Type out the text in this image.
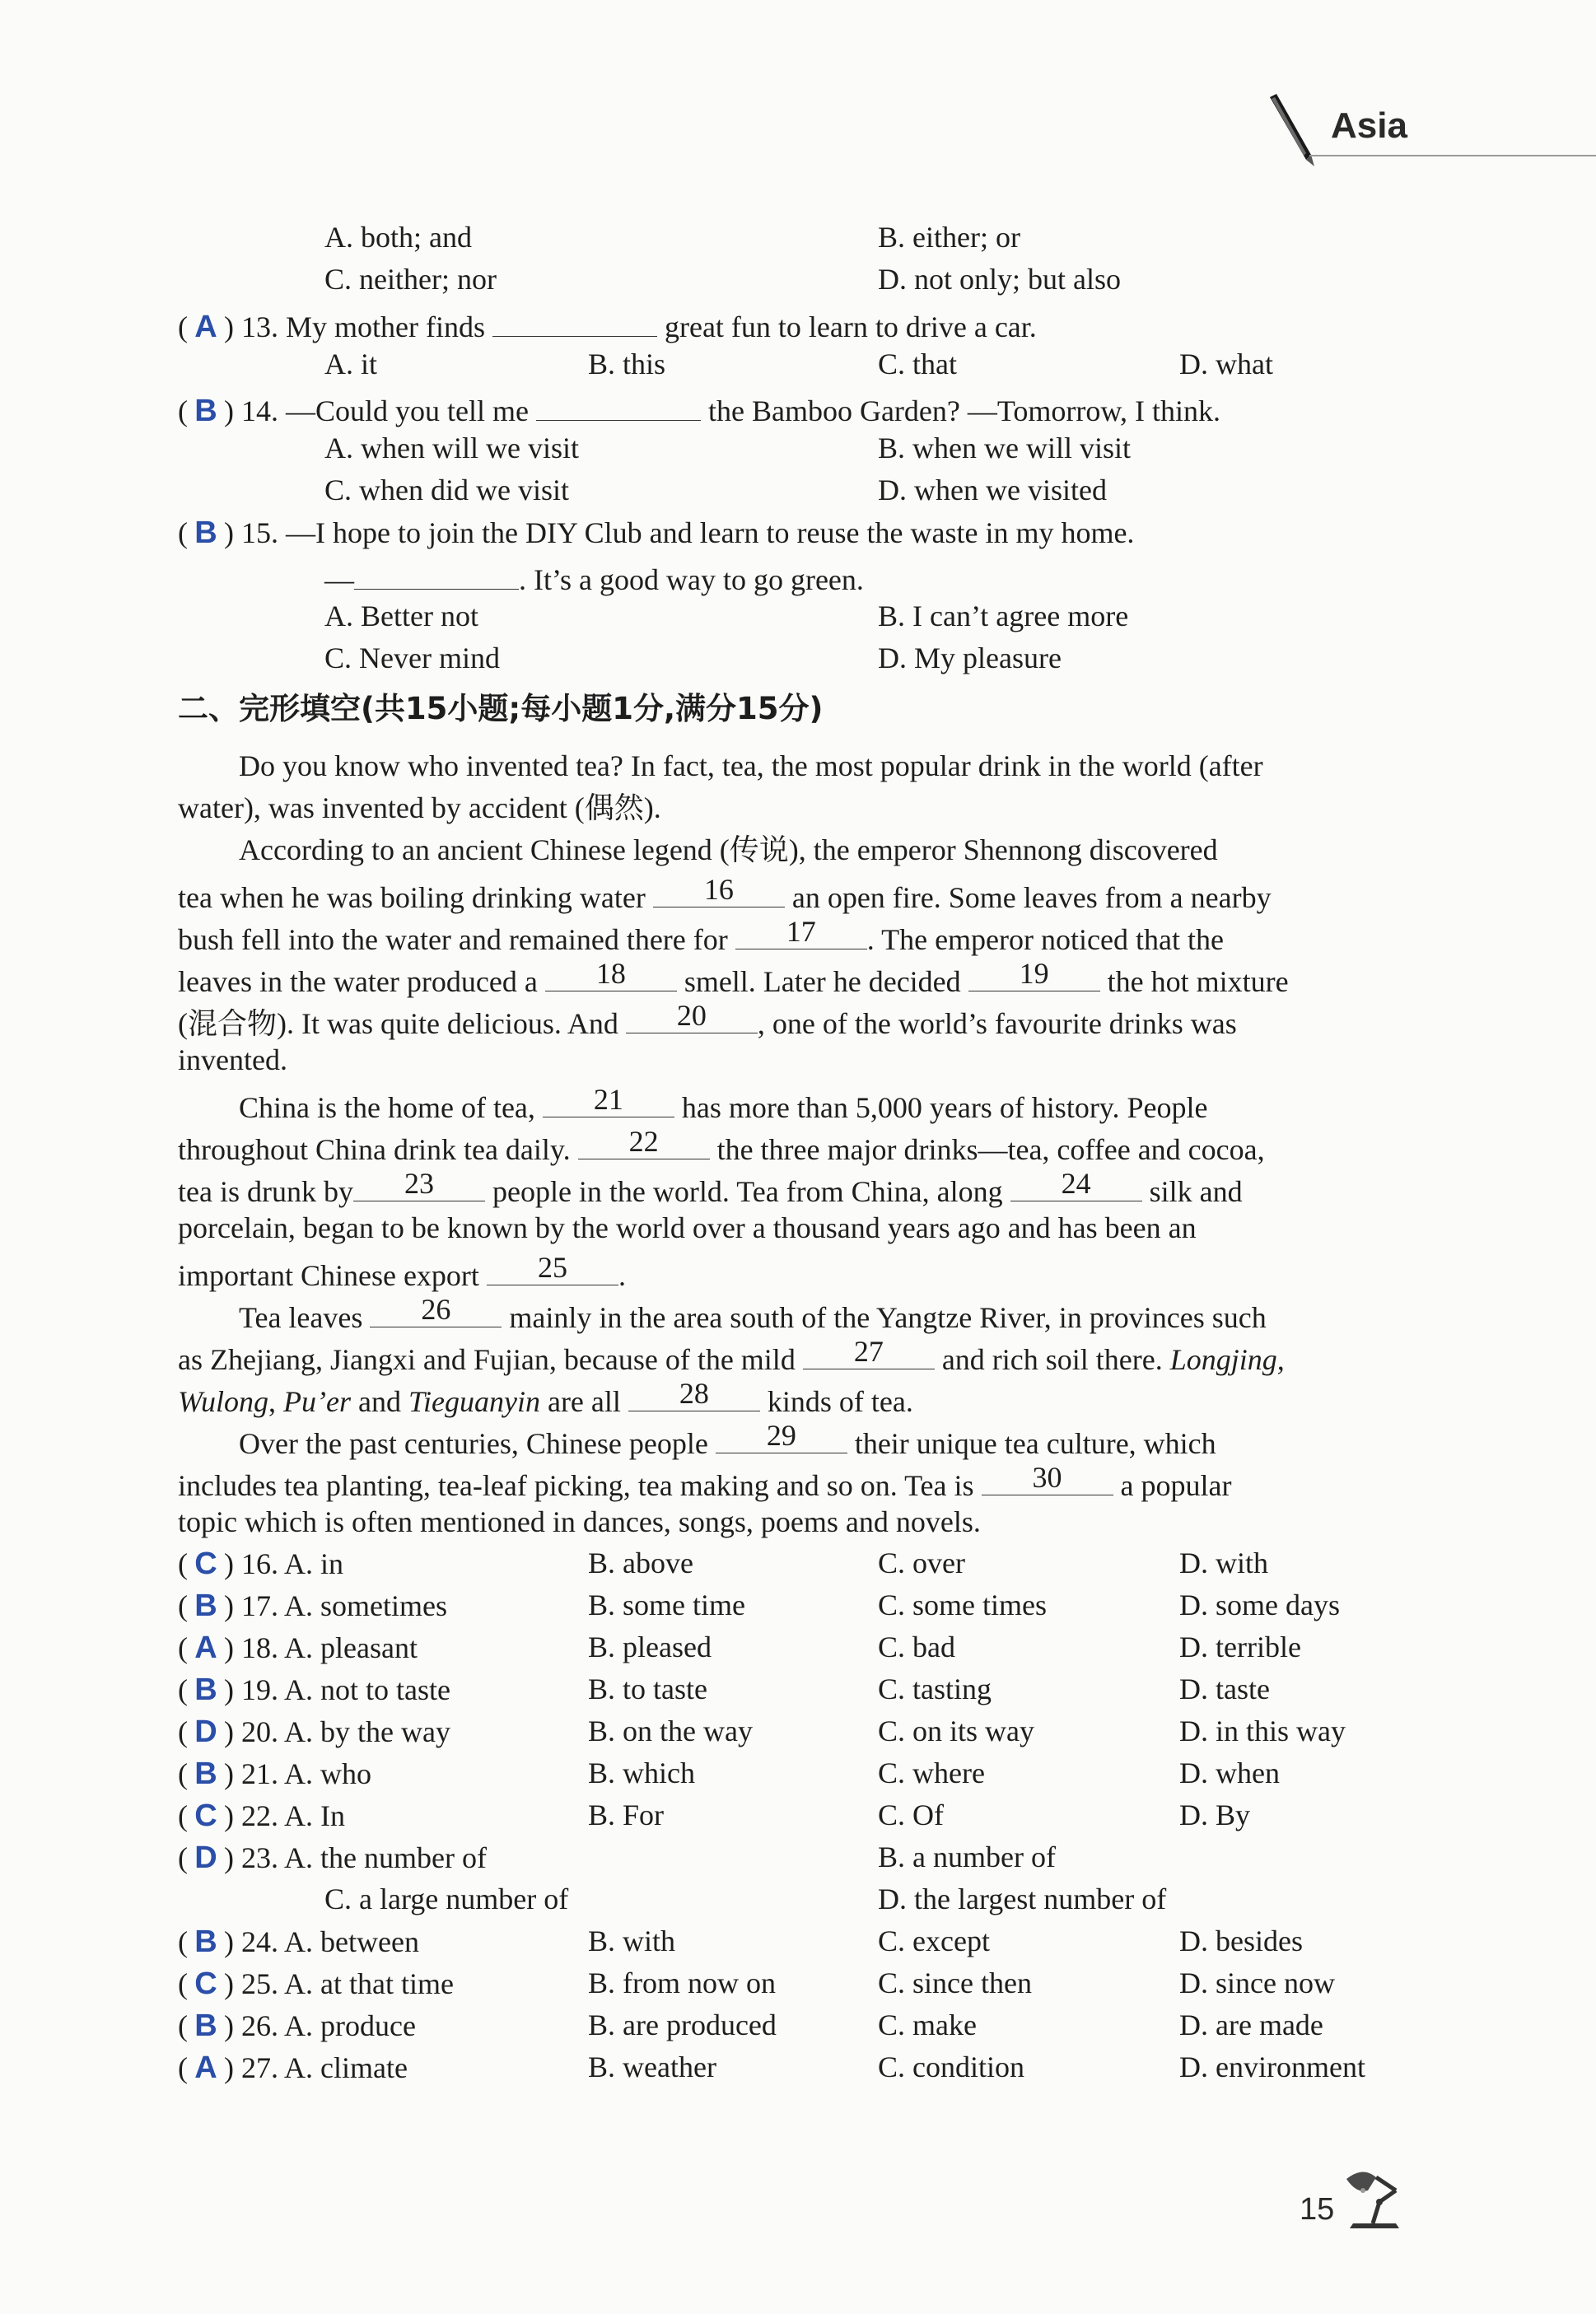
Asia
A. both; and	B. either; or
C. neither; nor	D. not only; but also
( A ) 13. My mother finds	great fun to learn to drive a car.
A. it	B. this	C. that	D. what
( B ) 14. —Could you tell me	the Bamboo Garden? —Tomorrow, I think.
A. when will we visit	B. when we will visit
C. when did we visit	D. when we visited
( B ) 15. —I hope to join the DIY Club and learn to reuse the waste in my home.
—	. It’s a good way to go green.
A. Better not	B. I can’t agree more
C. Never mind	D. My pleasure
二、完形填空(共15小题;每小题1分,满分15分)
Do you know who invented tea? In fact, tea, the most popular drink in the world (after
water), was invented by accident (偶然).
According to an ancient Chinese legend (传说), the emperor Shennong discovered
tea when he was boiling drinking water	16	an open fire. Some leaves from a nearby
bush fell into the water and remained there for	17	. The emperor noticed that the
leaves in the water produced a	18	smell. Later he decided	19	the hot mixture
(混合物). It was quite delicious. And	20	, one of the world’s favourite drinks was
invented.
China is the home of tea,	21	has more than 5,000 years of history. People
throughout China drink tea daily.	22	the three major drinks—tea, coffee and cocoa,
tea is drunk by	23	people in the world. Tea from China, along	24	silk and
porcelain, began to be known by the world over a thousand years ago and has been an
important Chinese export	25	.
Tea leaves	26	mainly in the area south of the Yangtze River, in provinces such
as Zhejiang, Jiangxi and Fujian, because of the mild	27	and rich soil there. Longjing,
Wulong, Pu’er and Tieguanyin are all	28	kinds of tea.
Over the past centuries, Chinese people	29	their unique tea culture, which
includes tea planting, tea-leaf picking, tea making and so on. Tea is	30	a popular
topic which is often mentioned in dances, songs, poems and novels.
( C ) 16. A. in	B. above	C. over	D. with
( B ) 17. A. sometimes	B. some time	C. some times	D. some days
( A ) 18. A. pleasant	B. pleased	C. bad	D. terrible
( B ) 19. A. not to taste	B. to taste	C. tasting	D. taste
( D ) 20. A. by the way	B. on the way	C. on its way	D. in this way
( B ) 21. A. who	B. which	C. where	D. when
( C ) 22. A. In	B. For	C. Of	D. By
( D ) 23. A. the number of	B. a number of
C. a large number of	D. the largest number of
( B ) 24. A. between	B. with	C. except	D. besides
( C ) 25. A. at that time	B. from now on	C. since then	D. since now
( B ) 26. A. produce	B. are produced	C. make	D. are made
( A ) 27. A. climate	B. weather	C. condition	D. environment
15
